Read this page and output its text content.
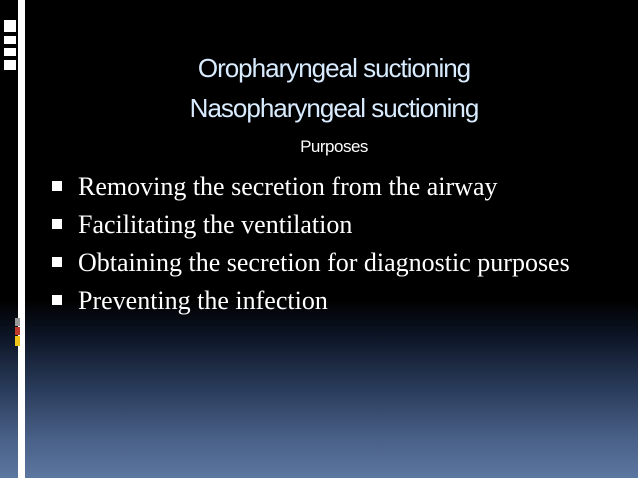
Oropharyngeal suctioning
Nasopharyngeal suctioning
Purposes
Removing the secretion from the airway
Facilitating the ventilation
Obtaining the secretion for diagnostic purposes
Preventing the infection
